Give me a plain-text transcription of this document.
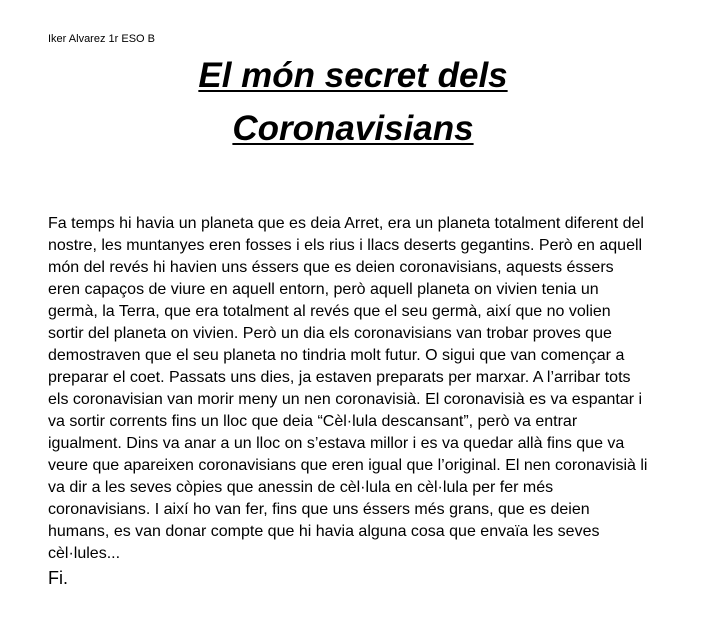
Iker Alvarez 1r ESO B
El món secret dels
Coronavisians
Fa temps hi havia un planeta que es deia Arret, era un planeta totalment diferent del
nostre, les muntanyes eren fosses i els rius i llacs deserts gegantins. Però en aquell
món del revés hi havien uns éssers que es deien coronavisians, aquests éssers
eren capaços de viure en aquell entorn, però aquell planeta on vivien tenia un
germà, la Terra, que era totalment al revés que el seu germà, així que no volien
sortir del planeta on vivien. Però un dia els coronavisians van trobar proves que
demostraven que el seu planeta no tindria molt futur. O sigui que van començar a
preparar el coet. Passats uns dies, ja estaven preparats per marxar. A l’arribar tots
els coronavisian van morir meny un nen coronavisià. El coronavisià es va espantar i
va sortir corrents fins un lloc que deia “Cèl·lula descansant”, però va entrar
igualment. Dins va anar a un lloc on s’estava millor i es va quedar allà fins que va
veure que apareixen coronavisians que eren igual que l’original. El nen coronavisià li
va dir a les seves còpies que anessin de cèl·lula en cèl·lula per fer més
coronavisians. I així ho van fer, fins que uns éssers més grans, que es deien
humans, es van donar compte que hi havia alguna cosa que envaïa les seves
cèl·lules...
Fi.
